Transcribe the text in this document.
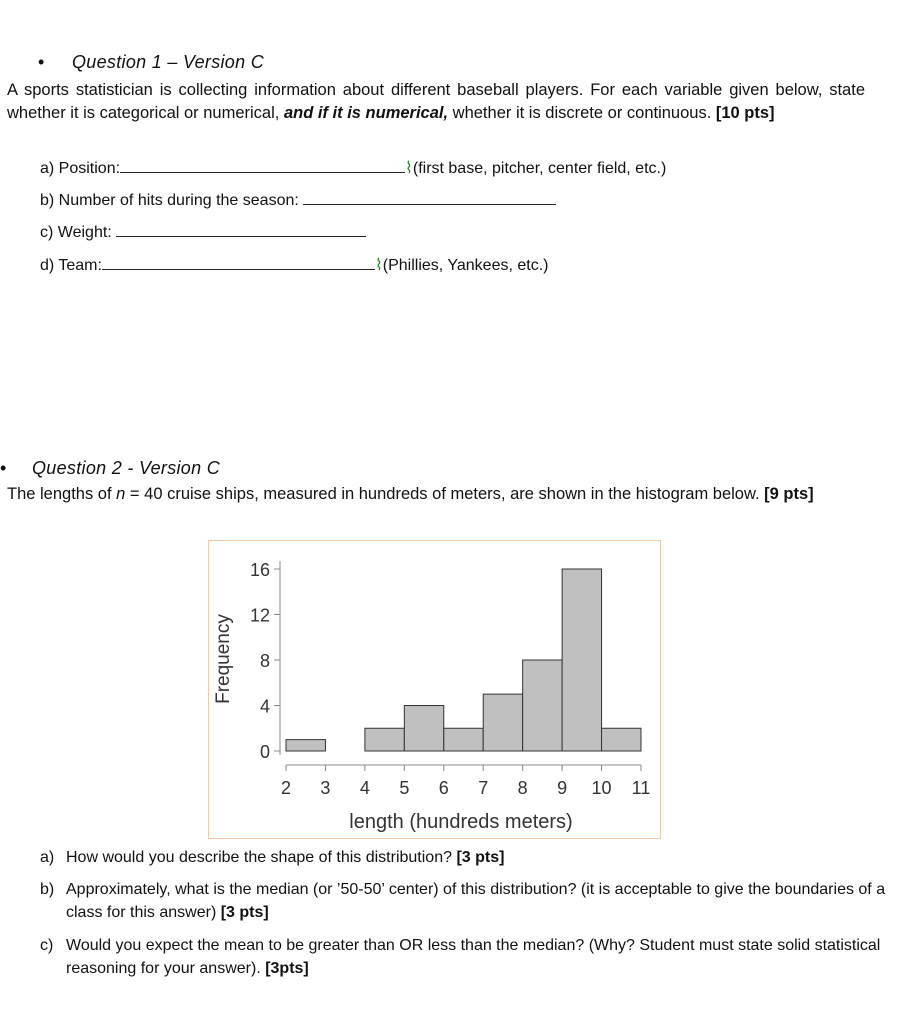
• Question 1 – Version C
A sports statistician is collecting information about different baseball players. For each variable given below, state whether it is categorical or numerical, and if it is numerical, whether it is discrete or continuous. [10 pts]
a) Position:	⌇(first base, pitcher, center field, etc.)
b) Number of hits during the season:
c) Weight:
d) Team:	⌇(Phillies, Yankees, etc.)
• Question 2 - Version C
The lengths of n = 40 cruise ships, measured in hundreds of meters, are shown in the histogram below. [9 pts]
Frequency
length (hundreds meters)
0
4
8
12
16
2 3 4 5 6 7 8 9 10 11
a) How would you describe the shape of this distribution? [3 pts]
b) Approximately, what is the median (or ’50-50’ center) of this distribution? (it is acceptable to give the boundaries of a class for this answer) [3 pts]
c) Would you expect the mean to be greater than OR less than the median? (Why? Student must state solid statistical reasoning for your answer). [3pts]
